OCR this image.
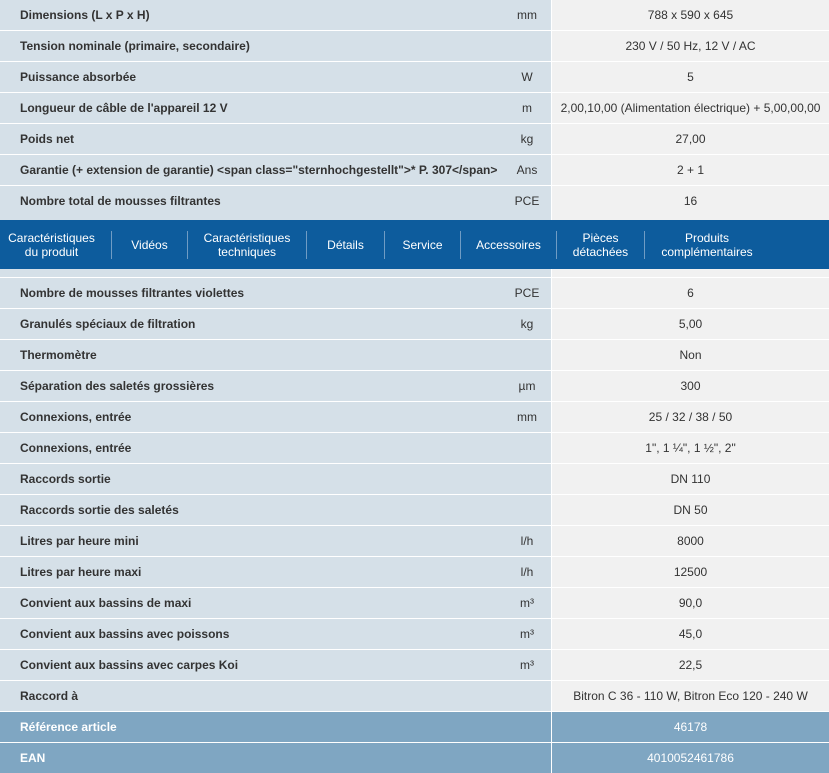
Dimensions (L x P x H)	mm	788 x 590 x 645
Tension nominale (primaire, secondaire)	230 V / 50 Hz, 12 V / AC
Puissance absorbée	W	5
Longueur de câble de l'appareil 12 V	m	2,00,10,00 (Alimentation électrique) + 5,00,00,00
Poids net	kg	27,00
Garantie (+ extension de garantie) <span class="sternhochgestellt">* P. 307</span>	Ans	2 + 1
Nombre total de mousses filtrantes	PCE	16
Caractéristiques
du produit	Vidéos	Caractéristiques
techniques	Détails	Service	Accessoires	Pièces
détachées
Produits
complémentaires
Nombre de mousses filtrantes violettes	PCE	6
Granulés spéciaux de filtration	kg	5,00
Thermomètre	Non
Séparation des saletés grossières	µm	300
Connexions, entrée	mm	25 / 32 / 38 / 50
Connexions, entrée	1", 1 ¼", 1 ½", 2"
Raccords sortie	DN 110
Raccords sortie des saletés	DN 50
Litres par heure mini	l/h	8000
Litres par heure maxi	l/h	12500
Convient aux bassins de maxi	m³	90,0
Convient aux bassins avec poissons	m³	45,0
Convient aux bassins avec carpes Koi	m³	22,5
Raccord à	Bitron C 36 - 110 W, Bitron Eco 120 - 240 W
Référence article	46178
EAN	4010052461786
